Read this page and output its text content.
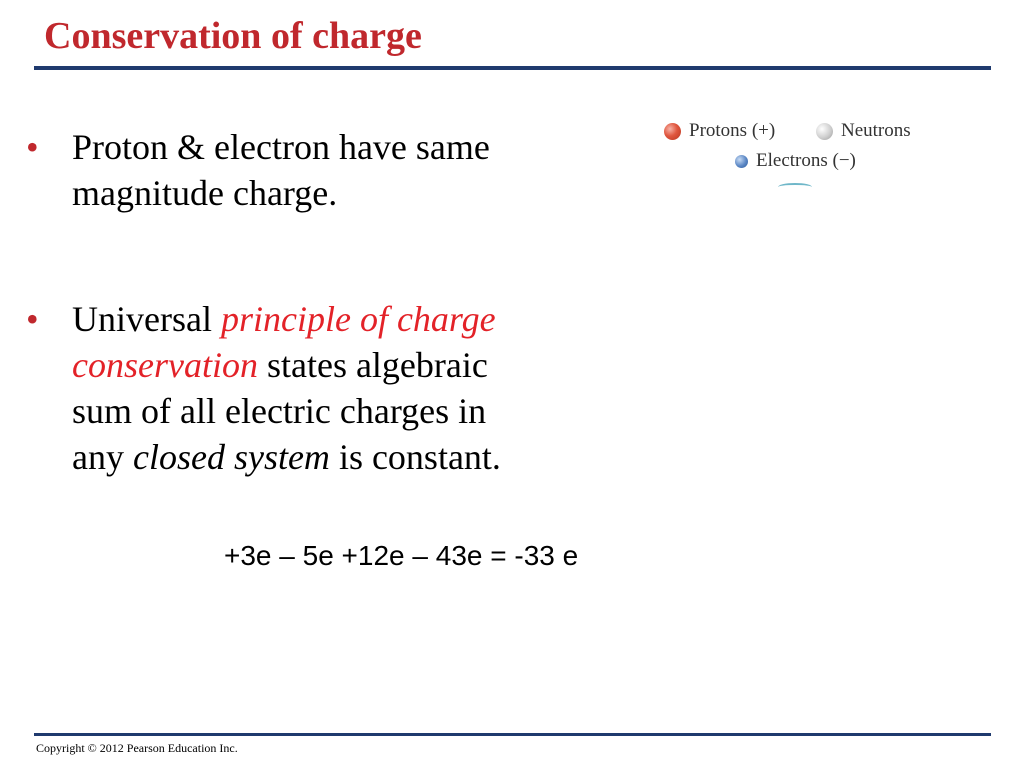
Conservation of charge
• Proton & electron have same
magnitude charge.
• Universal principle of charge
conservation states algebraic
sum of all electric charges in
any closed system is constant.
+3e – 5e +12e – 43e = -33 e
Protons (+)	Neutrons
Electrons (−)
Copyright © 2012 Pearson Education Inc.
